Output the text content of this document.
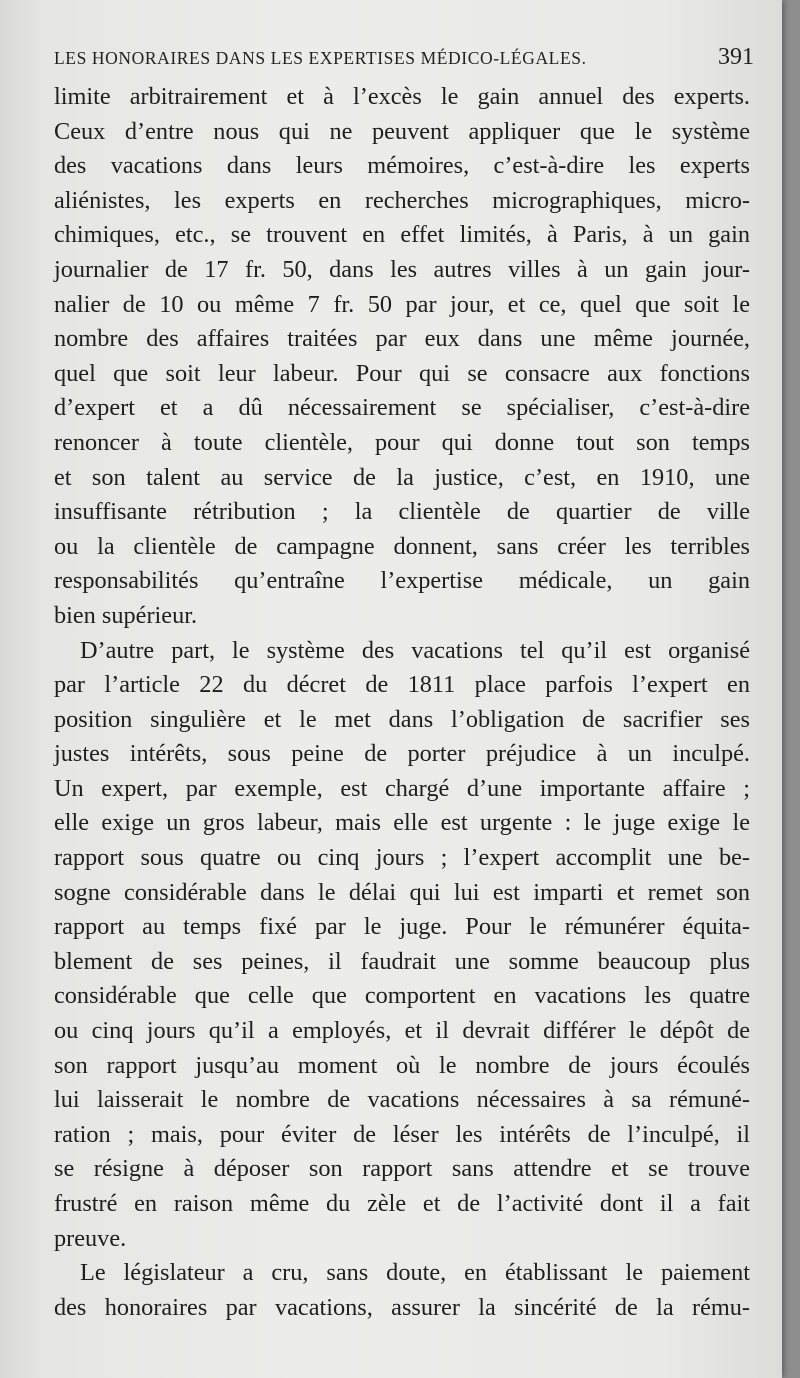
LES HONORAIRES DANS LES EXPERTISES MÉDICO-LÉGALES.	391
limite arbitrairement et à l’excès le gain annuel des experts.
Ceux d’entre nous qui ne peuvent appliquer que le système
des vacations dans leurs mémoires, c’est-à-dire les experts
aliénistes, les experts en recherches micrographiques, micro-
chimiques, etc., se trouvent en effet limités, à Paris, à un gain
journalier de 17 fr. 50, dans les autres villes à un gain jour-
nalier de 10 ou même 7 fr. 50 par jour, et ce, quel que soit le
nombre des affaires traitées par eux dans une même journée,
quel que soit leur labeur. Pour qui se consacre aux fonctions
d’expert et a dû nécessairement se spécialiser, c’est-à-dire
renoncer à toute clientèle, pour qui donne tout son temps
et son talent au service de la justice, c’est, en 1910, une
insuffisante rétribution ; la clientèle de quartier de ville
ou la clientèle de campagne donnent, sans créer les terribles
responsabilités qu’entraîne l’expertise médicale, un gain
bien supérieur.
D’autre part, le système des vacations tel qu’il est organisé
par l’article 22 du décret de 1811 place parfois l’expert en
position singulière et le met dans l’obligation de sacrifier ses
justes intérêts, sous peine de porter préjudice à un inculpé.
Un expert, par exemple, est chargé d’une importante affaire ;
elle exige un gros labeur, mais elle est urgente : le juge exige le
rapport sous quatre ou cinq jours ; l’expert accomplit une be-
sogne considérable dans le délai qui lui est imparti et remet son
rapport au temps fixé par le juge. Pour le rémunérer équita-
blement de ses peines, il faudrait une somme beaucoup plus
considérable que celle que comportent en vacations les quatre
ou cinq jours qu’il a employés, et il devrait différer le dépôt de
son rapport jusqu’au moment où le nombre de jours écoulés
lui laisserait le nombre de vacations nécessaires à sa rémuné-
ration ; mais, pour éviter de léser les intérêts de l’inculpé, il
se résigne à déposer son rapport sans attendre et se trouve
frustré en raison même du zèle et de l’activité dont il a fait
preuve.
Le législateur a cru, sans doute, en établissant le paiement
des honoraires par vacations, assurer la sincérité de la rému-
